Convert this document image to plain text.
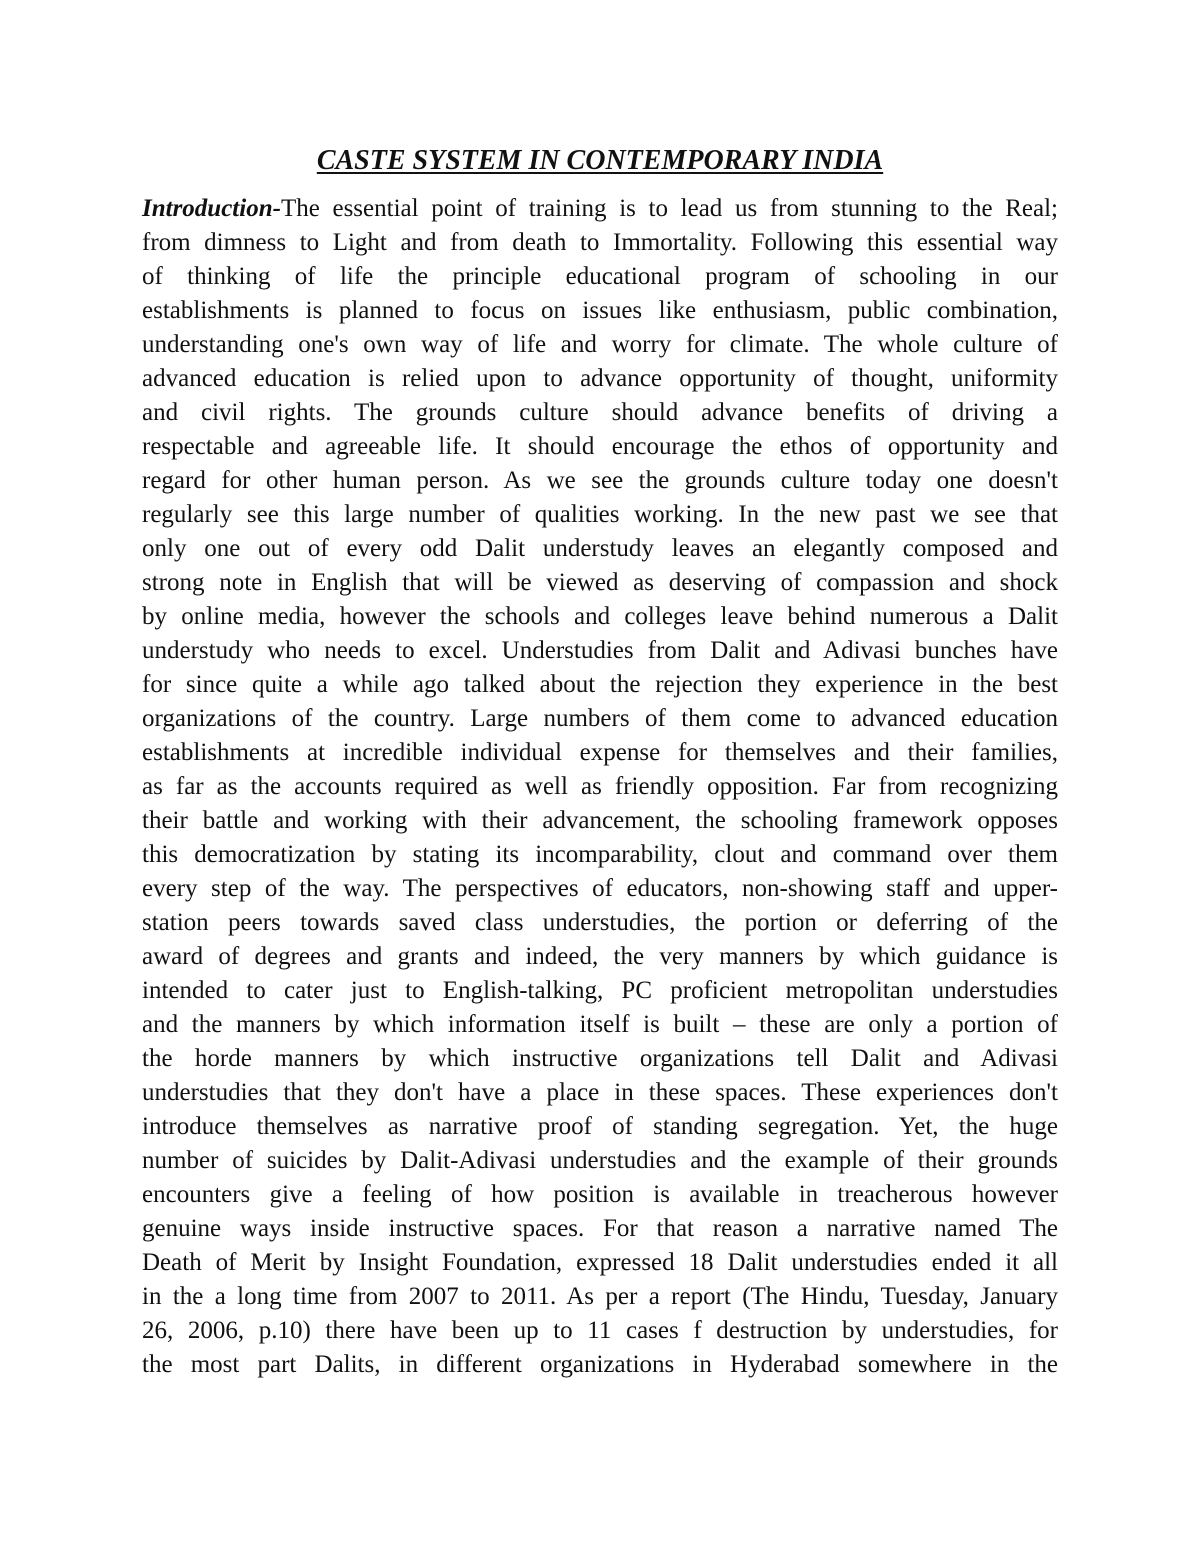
CASTE SYSTEM IN CONTEMPORARY INDIA
Introduction-The essential point of training is to lead us from stunning to the Real;
from dimness to Light and from death to Immortality. Following this essential way
of thinking of life the principle educational program of schooling in our
establishments is planned to focus on issues like enthusiasm, public combination,
understanding one's own way of life and worry for climate. The whole culture of
advanced education is relied upon to advance opportunity of thought, uniformity
and civil rights. The grounds culture should advance benefits of driving a
respectable and agreeable life. It should encourage the ethos of opportunity and
regard for other human person. As we see the grounds culture today one doesn't
regularly see this large number of qualities working. In the new past we see that
only one out of every odd Dalit understudy leaves an elegantly composed and
strong note in English that will be viewed as deserving of compassion and shock
by online media, however the schools and colleges leave behind numerous a Dalit
understudy who needs to excel. Understudies from Dalit and Adivasi bunches have
for since quite a while ago talked about the rejection they experience in the best
organizations of the country. Large numbers of them come to advanced education
establishments at incredible individual expense for themselves and their families,
as far as the accounts required as well as friendly opposition. Far from recognizing
their battle and working with their advancement, the schooling framework opposes
this democratization by stating its incomparability, clout and command over them
every step of the way. The perspectives of educators, non-showing staff and upper-
station peers towards saved class understudies, the portion or deferring of the
award of degrees and grants and indeed, the very manners by which guidance is
intended to cater just to English-talking, PC proficient metropolitan understudies
and the manners by which information itself is built – these are only a portion of
the horde manners by which instructive organizations tell Dalit and Adivasi
understudies that they don't have a place in these spaces. These experiences don't
introduce themselves as narrative proof of standing segregation. Yet, the huge
number of suicides by Dalit-Adivasi understudies and the example of their grounds
encounters give a feeling of how position is available in treacherous however
genuine ways inside instructive spaces. For that reason a narrative named The
Death of Merit by Insight Foundation, expressed 18 Dalit understudies ended it all
in the a long time from 2007 to 2011. As per a report (The Hindu, Tuesday, January
26, 2006, p.10) there have been up to 11 cases f destruction by understudies, for
the most part Dalits, in different organizations in Hyderabad somewhere in the
